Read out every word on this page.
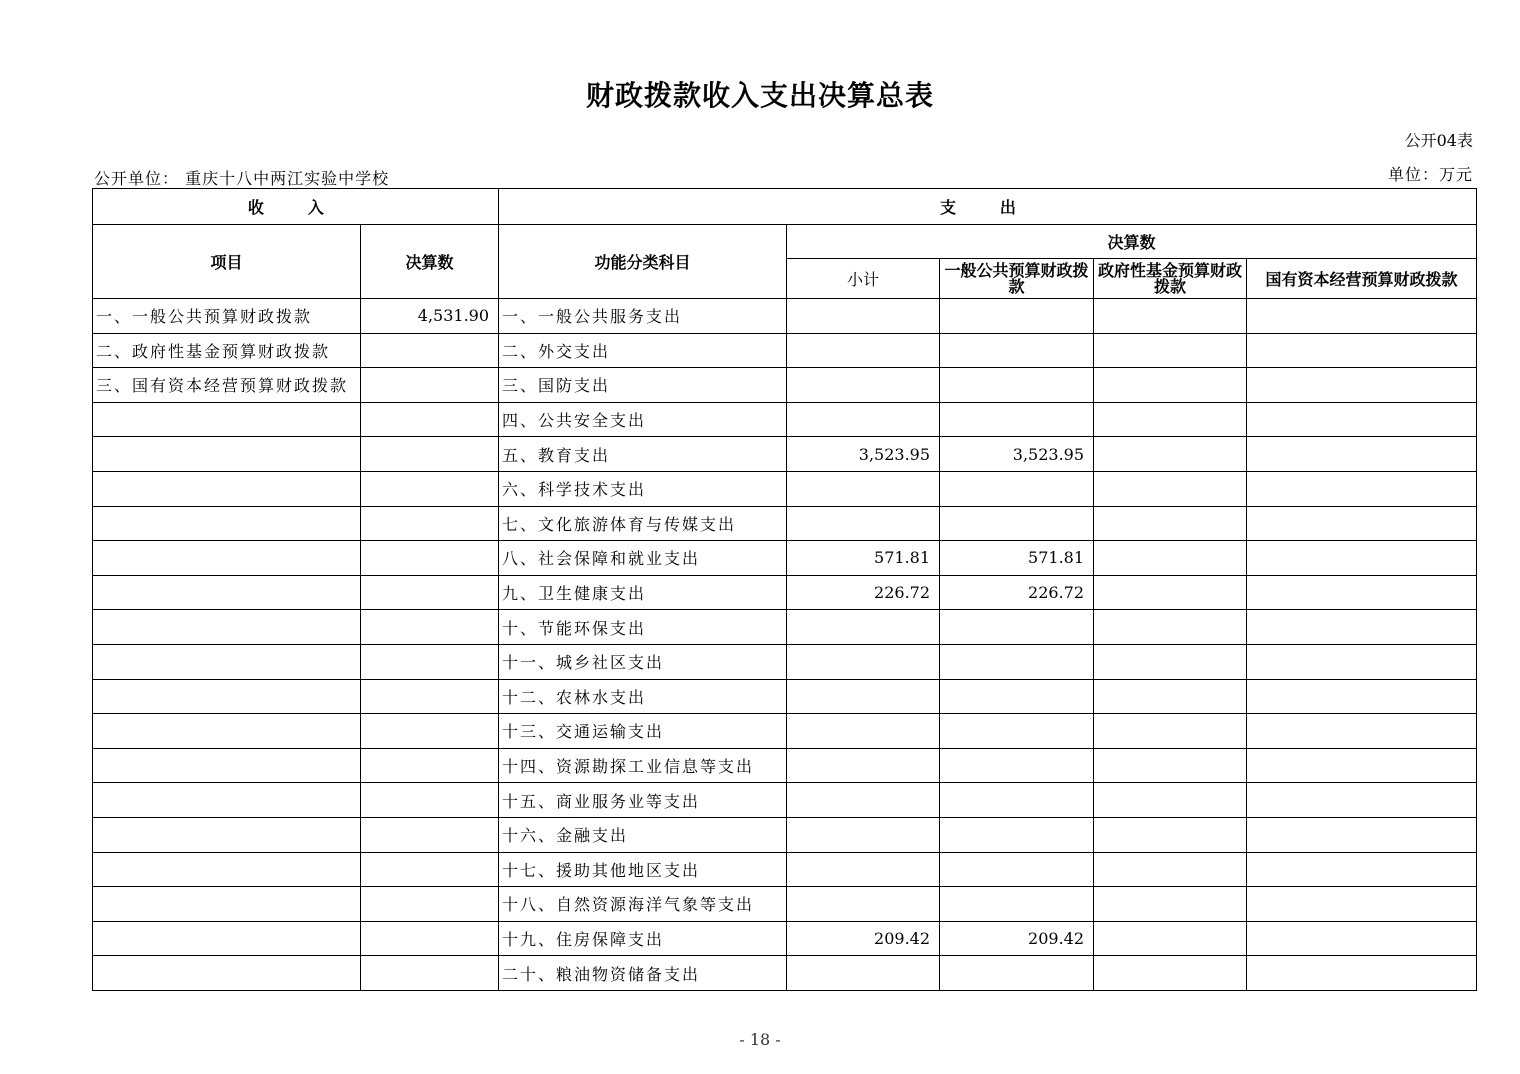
财政拨款收入支出决算总表
公开04表
公开单位： 重庆十八中两江实验中学校	单位：万元
收 入		支 出				
项目	决算数	功能分类科目	决算数			
			小计	一般公共预算财政拨款	政府性基金预算财政拨款	国有资本经营预算财政拨款
一、一般公共预算财政拨款	4,531.90	一、一般公共服务支出				
二、政府性基金预算财政拨款		二、外交支出				
三、国有资本经营预算财政拨款		三、国防支出				
		四、公共安全支出				
		五、教育支出	3,523.95	3,523.95		
		六、科学技术支出				
		七、文化旅游体育与传媒支出				
		八、社会保障和就业支出	571.81	571.81		
		九、卫生健康支出	226.72	226.72		
		十、节能环保支出				
		十一、城乡社区支出				
		十二、农林水支出				
		十三、交通运输支出				
		十四、资源勘探工业信息等支出				
		十五、商业服务业等支出				
		十六、金融支出				
		十七、援助其他地区支出				
		十八、自然资源海洋气象等支出				
		十九、住房保障支出	209.42	209.42		
		二十、粮油物资储备支出				
- 18 -
